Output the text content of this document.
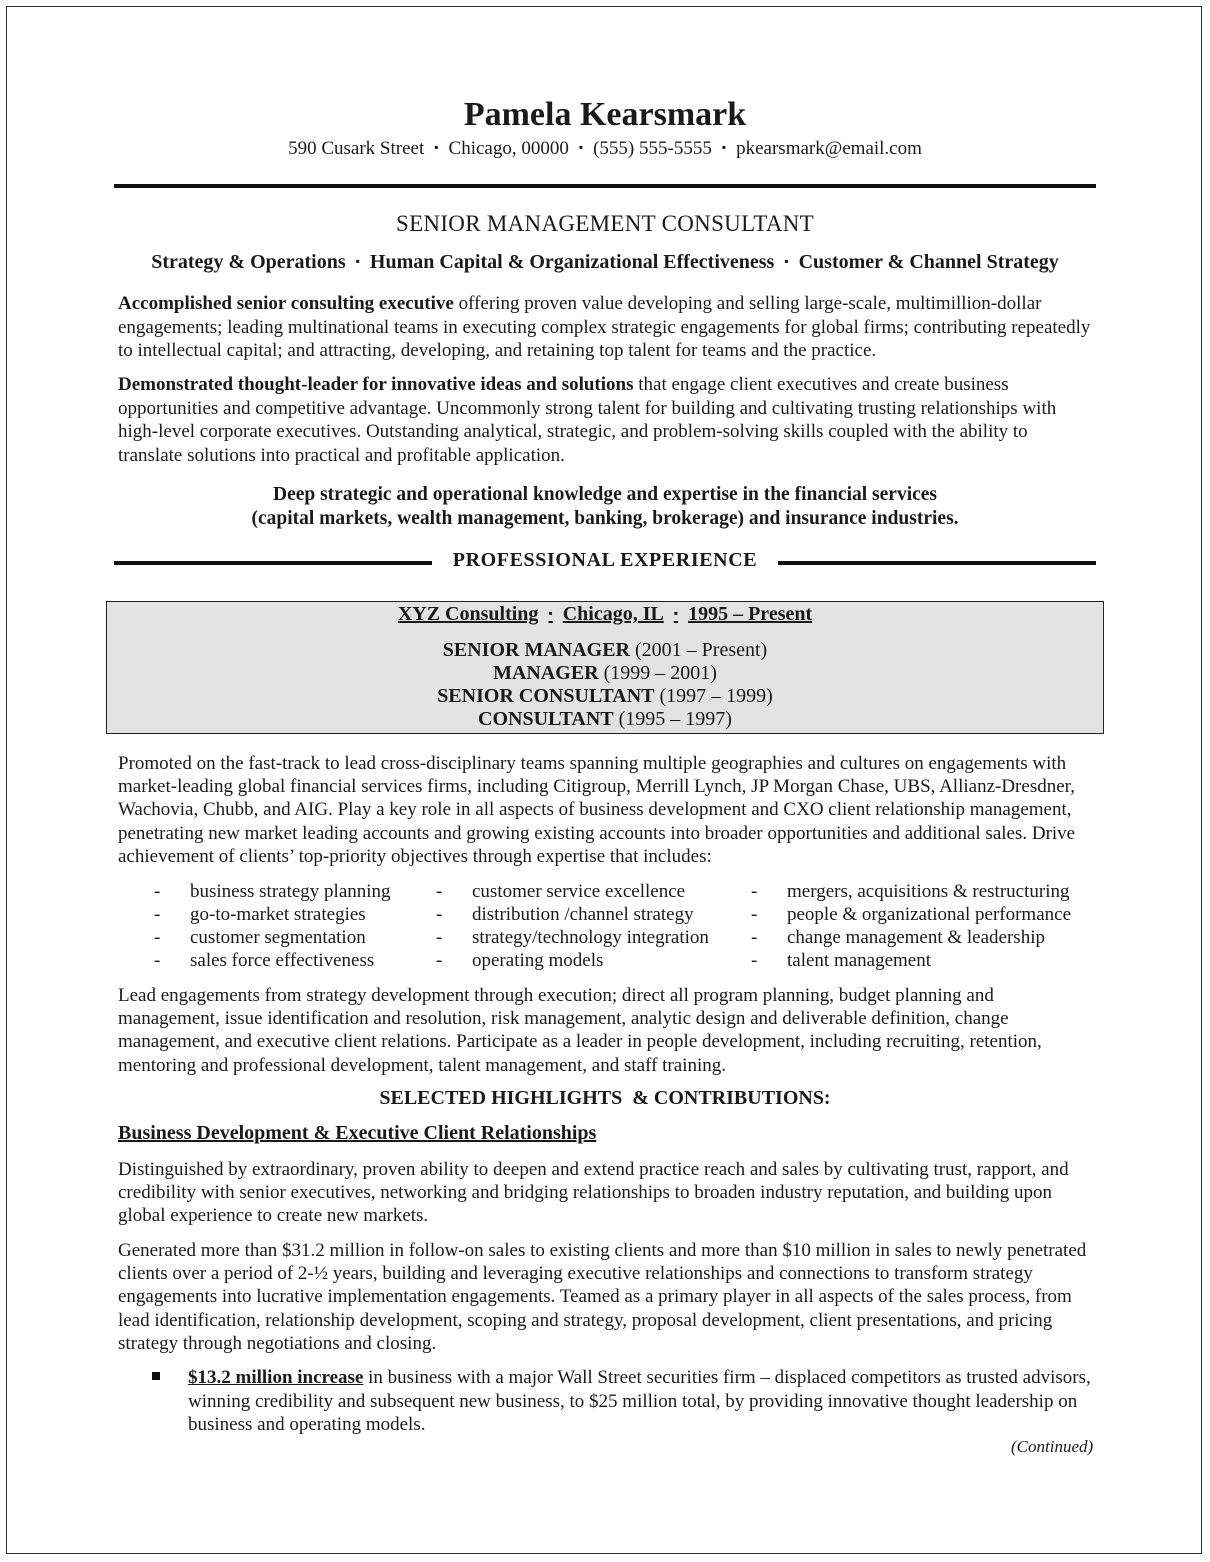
Pamela Kearsmark
590 Cusark Street ▪ Chicago, 00000 ▪ (555) 555-5555 ▪ pkearsmark@email.com
SENIOR MANAGEMENT CONSULTANT
Strategy & Operations ▪ Human Capital & Organizational Effectiveness ▪ Customer & Channel Strategy
Accomplished senior consulting executive offering proven value developing and selling large-scale, multimillion-dollar engagements; leading multinational teams in executing complex strategic engagements for global firms; contributing repeatedly to intellectual capital; and attracting, developing, and retaining top talent for teams and the practice.
Demonstrated thought-leader for innovative ideas and solutions that engage client executives and create business opportunities and competitive advantage. Uncommonly strong talent for building and cultivating trusting relationships with high-level corporate executives. Outstanding analytical, strategic, and problem-solving skills coupled with the ability to translate solutions into practical and profitable application.
Deep strategic and operational knowledge and expertise in the financial services
(capital markets, wealth management, banking, brokerage) and insurance industries.
PROFESSIONAL EXPERIENCE
XYZ Consulting ▪ Chicago, IL ▪ 1995 – Present
SENIOR MANAGER (2001 – Present)
MANAGER (1999 – 2001)
SENIOR CONSULTANT (1997 – 1999)
CONSULTANT (1995 – 1997)
Promoted on the fast-track to lead cross-disciplinary teams spanning multiple geographies and cultures on engagements with market-leading global financial services firms, including Citigroup, Merrill Lynch, JP Morgan Chase, UBS, Allianz-Dresdner, Wachovia, Chubb, and AIG. Play a key role in all aspects of business development and CXO client relationship management, penetrating new market leading accounts and growing existing accounts into broader opportunities and additional sales. Drive achievement of clients’ top-priority objectives through expertise that includes:
-	business strategy planning
-	go-to-market strategies
-	customer segmentation
-	sales force effectiveness
-	customer service excellence
-	distribution /channel strategy
-	strategy/technology integration
-	operating models
-	mergers, acquisitions & restructuring
-	people & organizational performance
-	change management & leadership
-	talent management
Lead engagements from strategy development through execution; direct all program planning, budget planning and management, issue identification and resolution, risk management, analytic design and deliverable definition, change management, and executive client relations. Participate as a leader in people development, including recruiting, retention, mentoring and professional development, talent management, and staff training.
SELECTED HIGHLIGHTS  & CONTRIBUTIONS:
Business Development & Executive Client Relationships
Distinguished by extraordinary, proven ability to deepen and extend practice reach and sales by cultivating trust, rapport, and credibility with senior executives, networking and bridging relationships to broaden industry reputation, and building upon global experience to create new markets.
Generated more than $31.2 million in follow-on sales to existing clients and more than $10 million in sales to newly penetrated clients over a period of 2-½ years, building and leveraging executive relationships and connections to transform strategy engagements into lucrative implementation engagements. Teamed as a primary player in all aspects of the sales process, from lead identification, relationship development, scoping and strategy, proposal development, client presentations, and pricing strategy through negotiations and closing.
$13.2 million increase in business with a major Wall Street securities firm – displaced competitors as trusted advisors, winning credibility and subsequent new business, to $25 million total, by providing innovative thought leadership on business and operating models.
(Continued)
